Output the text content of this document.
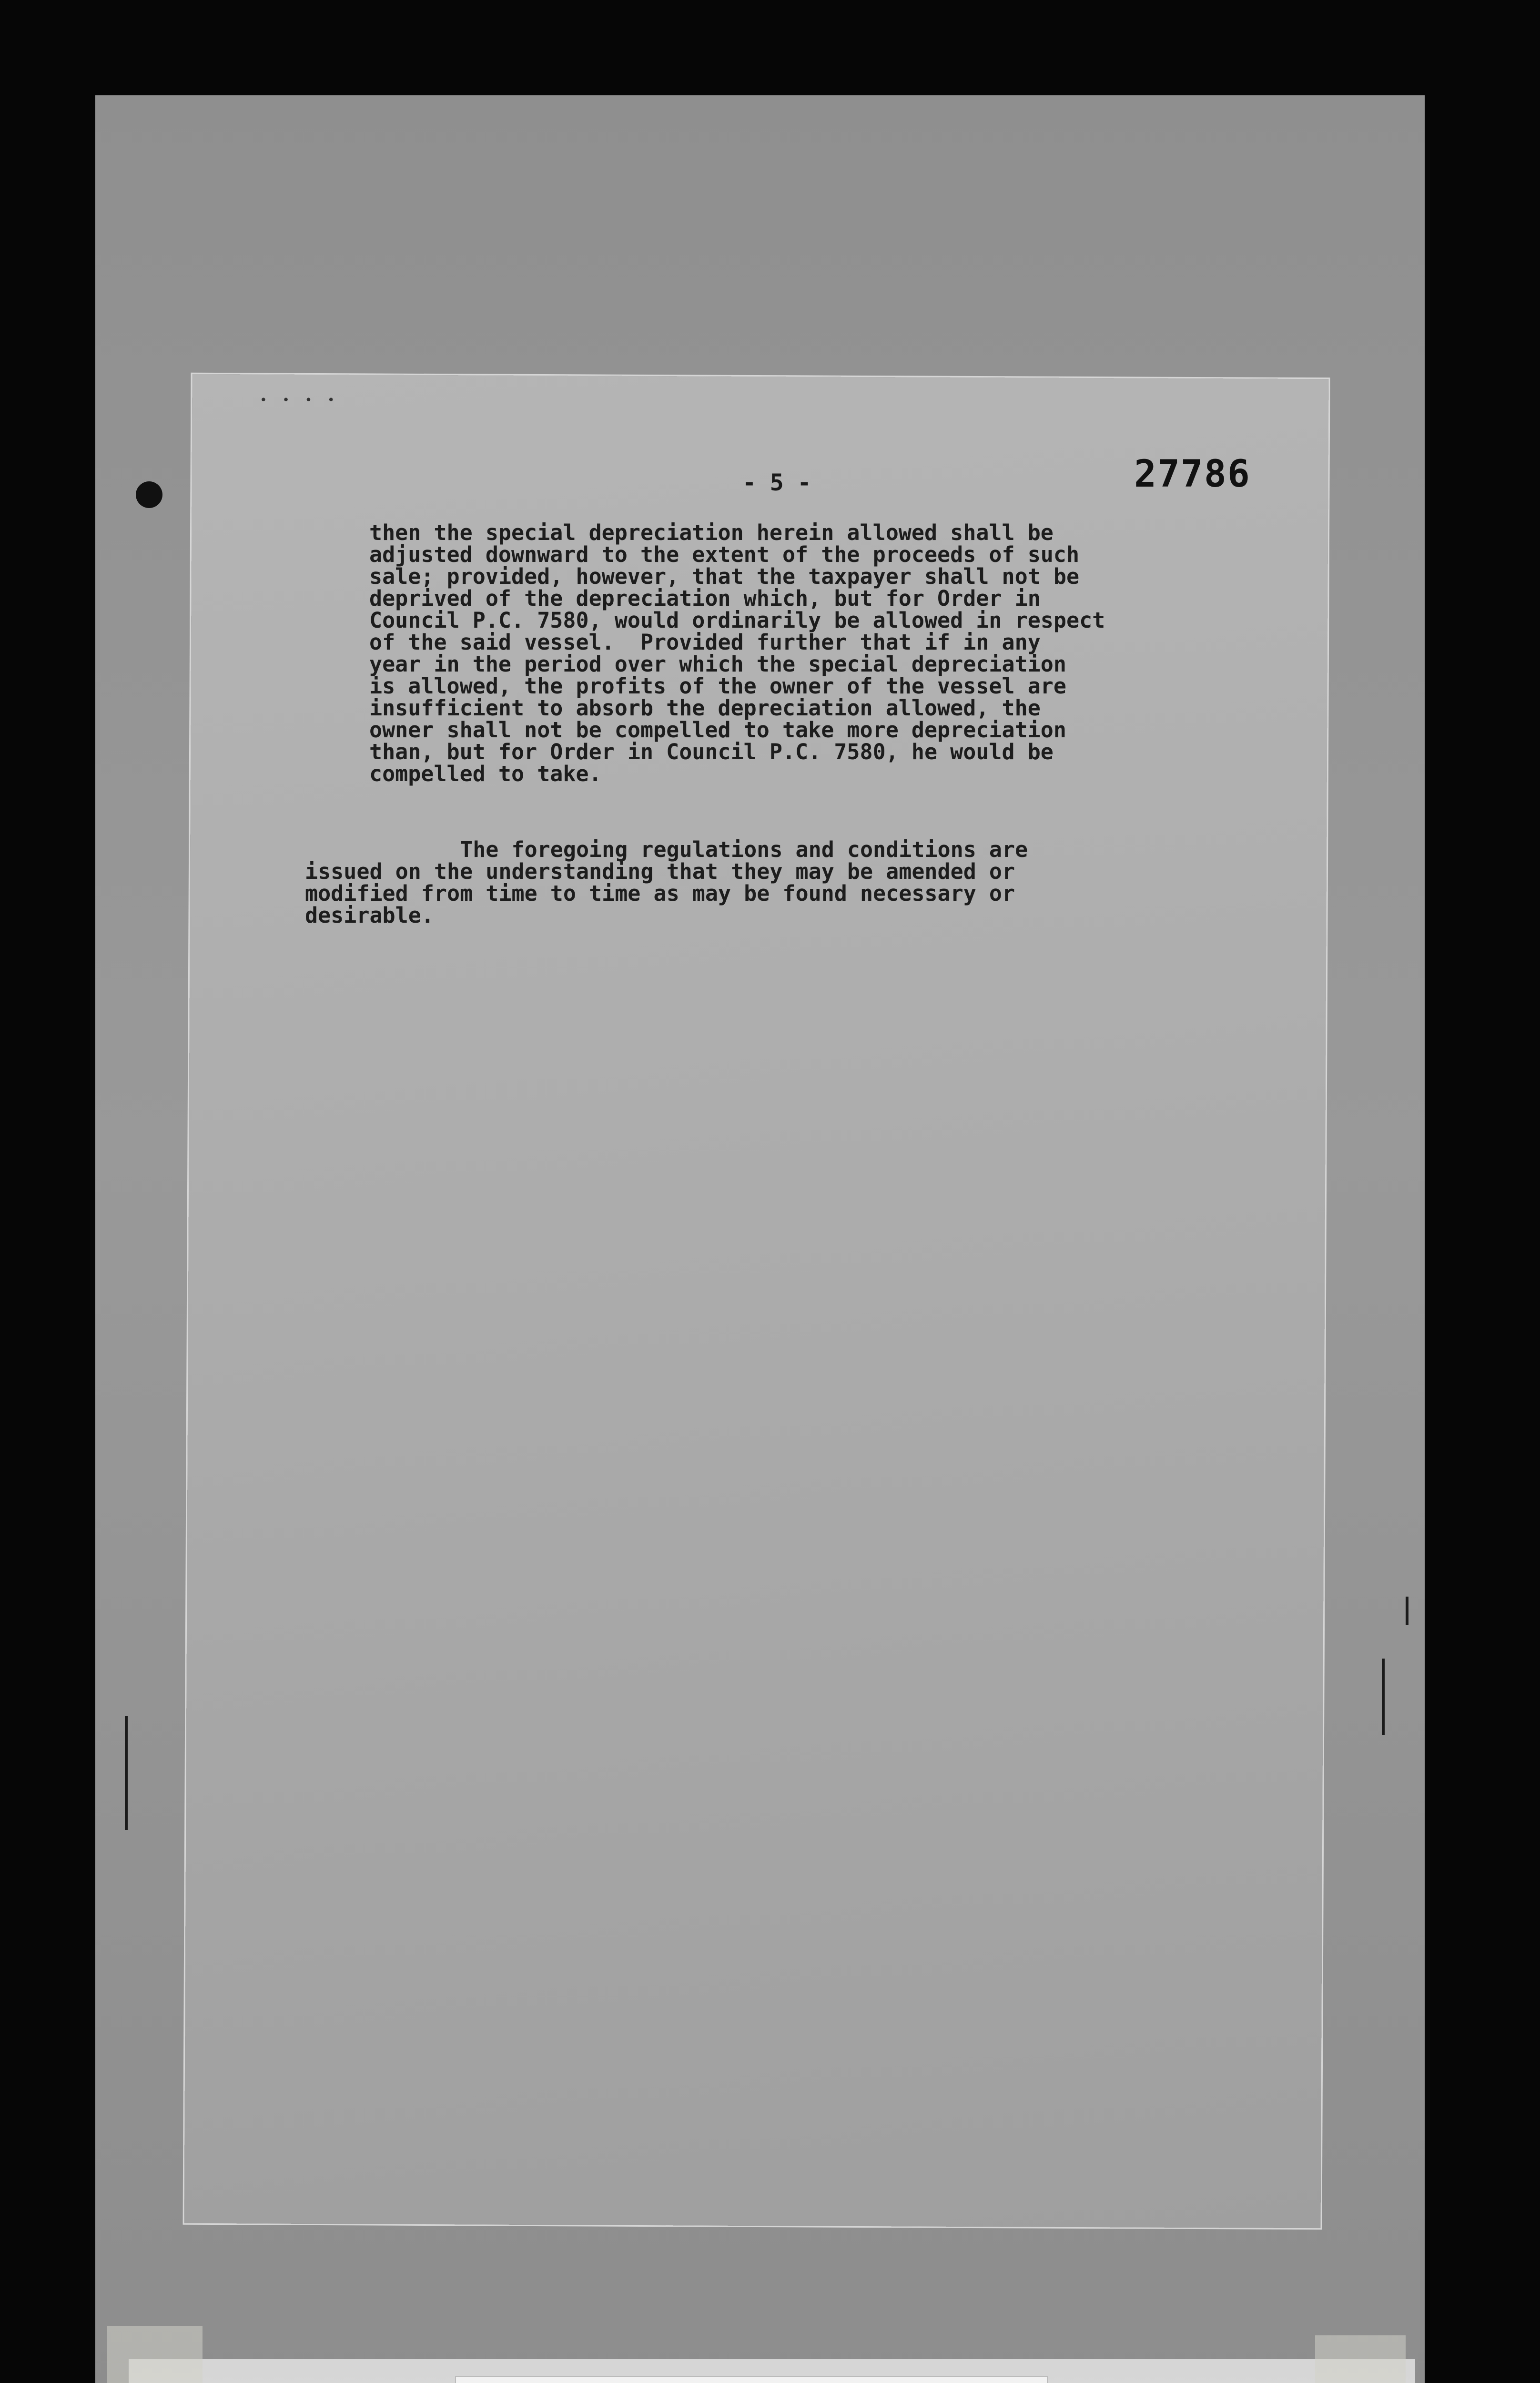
• • • •
- 5 -	27786

then the special depreciation herein allowed shall be
adjusted downward to the extent of the proceeds of such
sale; provided, however, that the taxpayer shall not be
deprived of the depreciation which, but for Order in
Council P.C. 7580, would ordinarily be allowed in respect
of the said vessel.  Provided further that if in any
year in the period over which the special depreciation
is allowed, the profits of the owner of the vessel are
insufficient to absorb the depreciation allowed, the
owner shall not be compelled to take more depreciation
than, but for Order in Council P.C. 7580, he would be
compelled to take.

The foregoing regulations and conditions are
issued on the understanding that they may be amended or
modified from time to time as may be found necessary or
desirable.
